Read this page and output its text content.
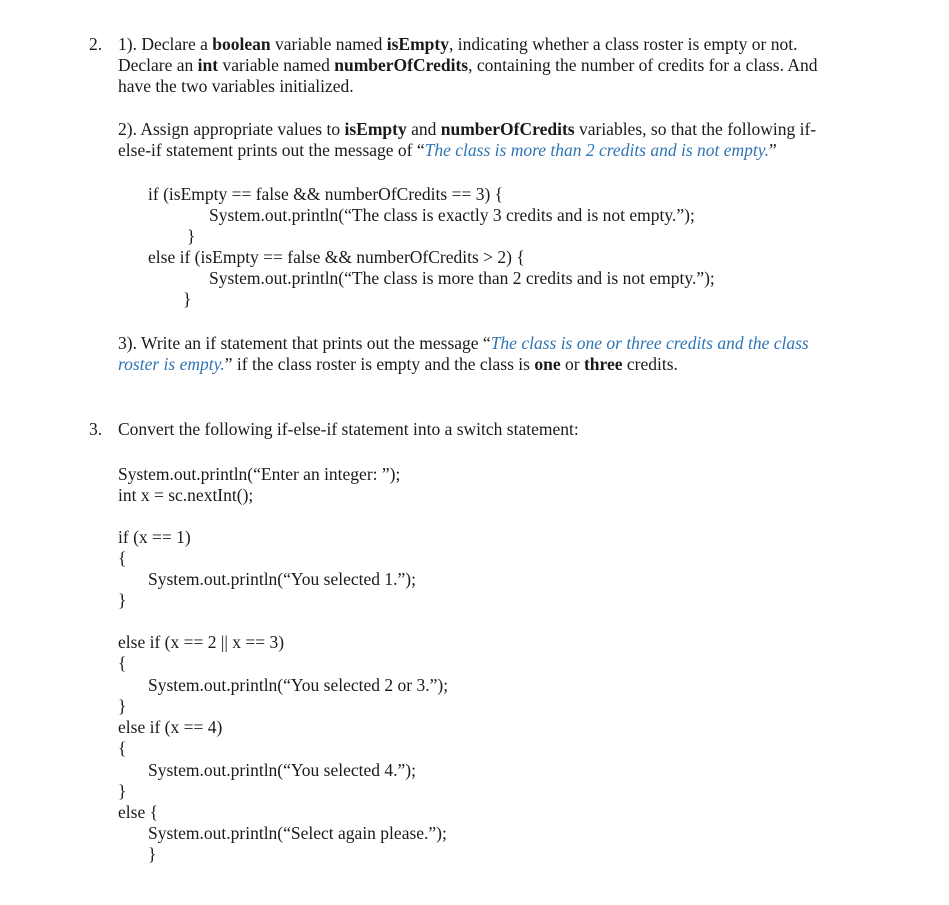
2. 1). Declare a boolean variable named isEmpty, indicating whether a class roster is empty or not.
Declare an int variable named numberOfCredits, containing the number of credits for a class. And
have the two variables initialized.
2). Assign appropriate values to isEmpty and numberOfCredits variables, so that the following if-
else-if statement prints out the message of “The class is more than 2 credits and is not empty.”
if (isEmpty == false && numberOfCredits == 3) {
System.out.println(“The class is exactly 3 credits and is not empty.”);
}
else if (isEmpty == false && numberOfCredits > 2) {
System.out.println(“The class is more than 2 credits and is not empty.”);
}
3). Write an if statement that prints out the message “The class is one or three credits and the class
roster is empty.” if the class roster is empty and the class is one or three credits.
3. Convert the following if-else-if statement into a switch statement:
System.out.println(“Enter an integer: ”);
int x = sc.nextInt();
if (x == 1)
{
System.out.println(“You selected 1.”);
}
else if (x == 2 || x == 3)
{
System.out.println(“You selected 2 or 3.”);
}
else if (x == 4)
{
System.out.println(“You selected 4.”);
}
else {
System.out.println(“Select again please.”);
}
